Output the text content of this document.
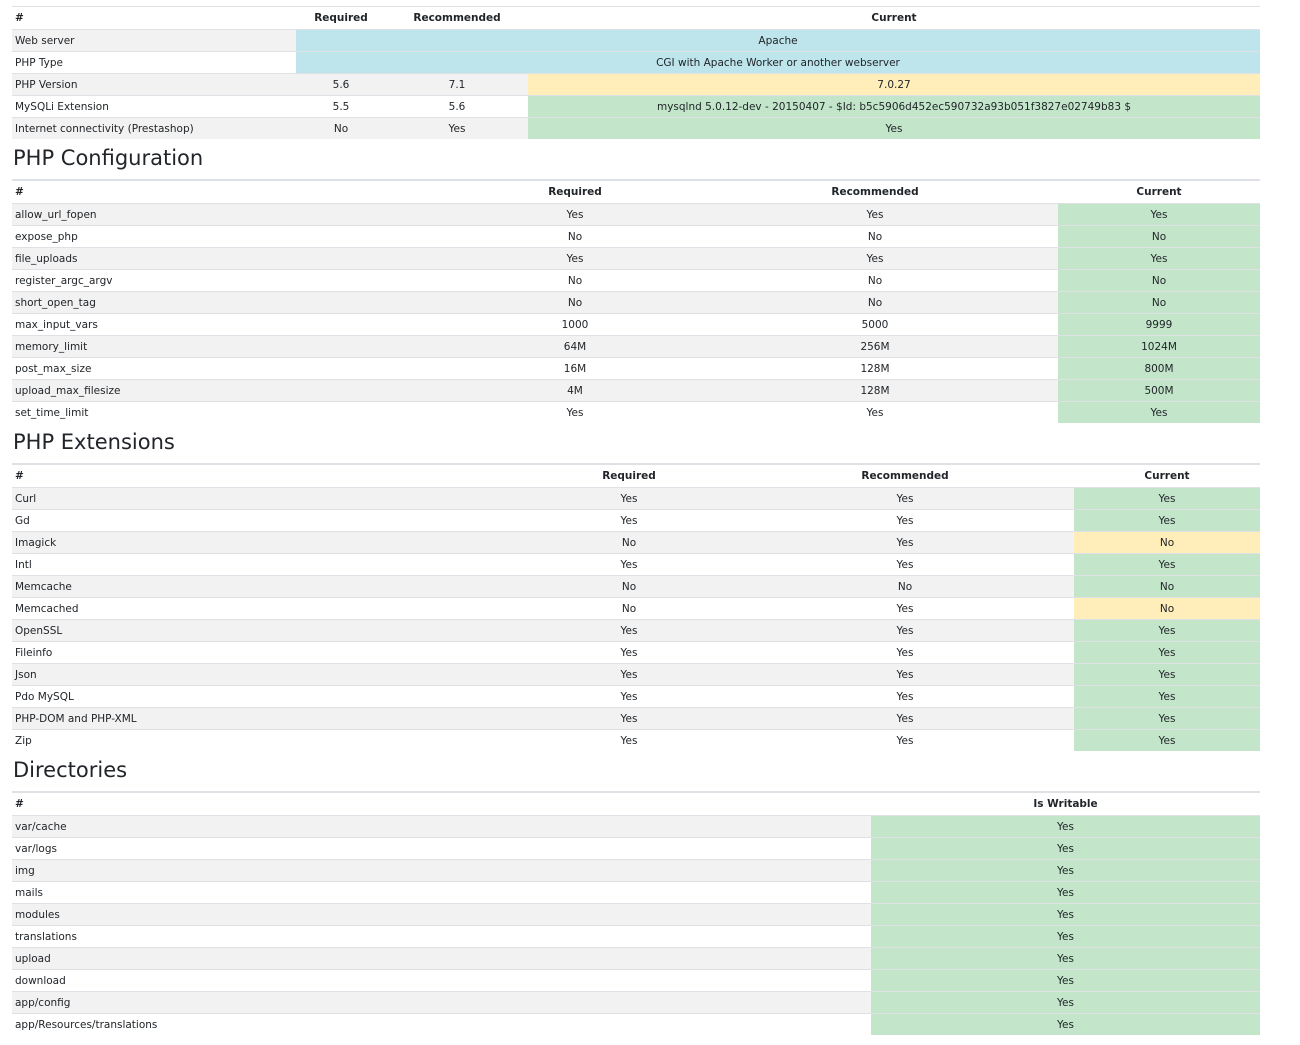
#	Required	Recommended	Current
Web server	Apache		
PHP Type	CGI with Apache Worker or another webserver		
PHP Version	5.6	7.1	7.0.27
MySQLi Extension	5.5	5.6	mysqlnd 5.0.12-dev - 20150407 - $Id: b5c5906d452ec590732a93b051f3827e02749b83 $
Internet connectivity (Prestashop)	No	Yes	Yes
PHP Configuration
#	Required	Recommended	Current
allow_url_fopen	Yes	Yes	Yes
expose_php	No	No	No
file_uploads	Yes	Yes	Yes
register_argc_argv	No	No	No
short_open_tag	No	No	No
max_input_vars	1000	5000	9999
memory_limit	64M	256M	1024M
post_max_size	16M	128M	800M
upload_max_filesize	4M	128M	500M
set_time_limit	Yes	Yes	Yes
PHP Extensions
#	Required	Recommended	Current
Curl	Yes	Yes	Yes
Gd	Yes	Yes	Yes
Imagick	No	Yes	No
Intl	Yes	Yes	Yes
Memcache	No	No	No
Memcached	No	Yes	No
OpenSSL	Yes	Yes	Yes
Fileinfo	Yes	Yes	Yes
Json	Yes	Yes	Yes
Pdo MySQL	Yes	Yes	Yes
PHP-DOM and PHP-XML	Yes	Yes	Yes
Zip	Yes	Yes	Yes
Directories
#	Is Writable
var/cache	Yes
var/logs	Yes
img	Yes
mails	Yes
modules	Yes
translations	Yes
upload	Yes
download	Yes
app/config	Yes
app/Resources/translations	Yes
